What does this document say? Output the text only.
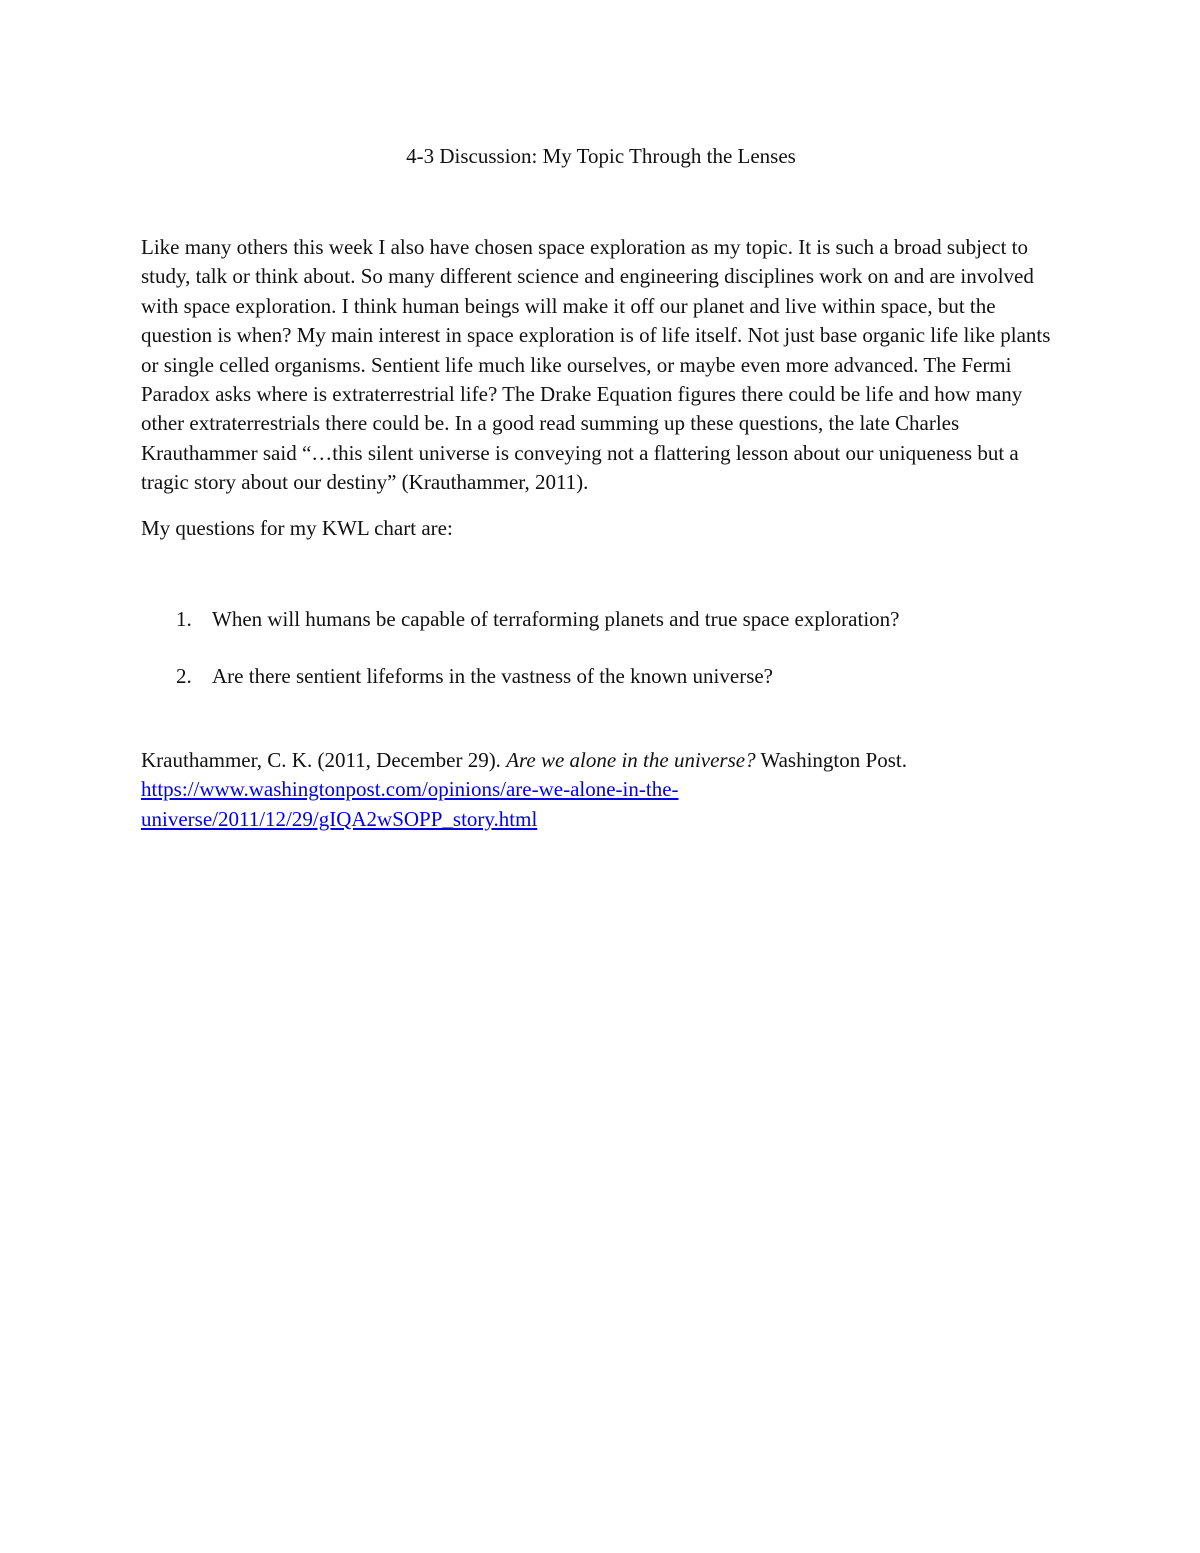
4-3 Discussion: My Topic Through the Lenses

Like many others this week I also have chosen space exploration as my topic. It is such a broad subject to study, talk or think about. So many different science and engineering disciplines work on and are involved with space exploration. I think human beings will make it off our planet and live within space, but the question is when? My main interest in space exploration is of life itself. Not just base organic life like plants or single celled organisms. Sentient life much like ourselves, or maybe even more advanced. The Fermi Paradox asks where is extraterrestrial life? The Drake Equation figures there could be life and how many other extraterrestrials there could be. In a good read summing up these questions, the late Charles Krauthammer said “…this silent universe is conveying not a flattering lesson about our uniqueness but a tragic story about our destiny” (Krauthammer, 2011).

My questions for my KWL chart are:

1. When will humans be capable of terraforming planets and true space exploration?
2. Are there sentient lifeforms in the vastness of the known universe?
Krauthammer, C. K. (2011, December 29). Are we alone in the universe? Washington Post.
https://www.washingtonpost.com/opinions/are-we-alone-in-the-
universe/2011/12/29/gIQA2wSOPP_story.html
